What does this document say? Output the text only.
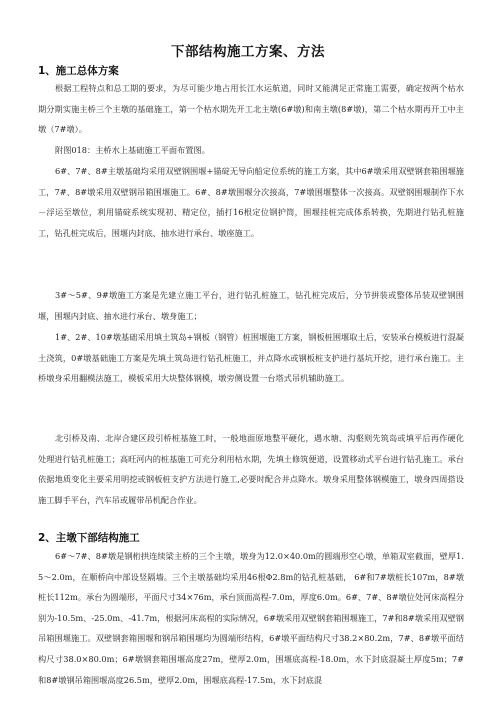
下部结构施工方案、方法
1、施工总体方案
根据工程特点和总工期的要求，为尽可能少地占用长江水运航道，同时又能满足正常施工需要，确定按两个枯水期分期实施主桥三个主墩的基础施工，第一个枯水期先开工北主墩(6#墩)和南主墩(8#墩)，第二个枯水期再开工中主墩（7#墩）。
附图018：主桥水上基础施工平面布置图。
6#、7#、8#主墩基础均采用双壁钢围堰+锚碇无导向船定位系统的施工方案，其中6#墩采用双壁钢套箱围堰施工，7#、8#墩采用双壁钢吊箱围堰施工。6#、8#墩围堰分次接高，7#墩围堰整体一次接高。双壁钢围堰制作下水－浮运至墩位，利用锚碇系统实现初、精定位，插打16根定位钢护筒，围堰挂桩完成体系转换，先期进行钻孔桩施工，钻孔桩完成后，围堰内封底、抽水进行承台、墩座施工。
3#～5#、9#墩施工方案是先建立施工平台，进行钻孔桩施工，钻孔桩完成后，分节拼装或整体吊装双壁钢围堰，围堰内封底、抽水进行承台、墩身施工；
1#、2#、10#墩基础采用填土筑岛+钢板（钢管）桩围堰施工方案，钢板桩围堰取土后，安装承台模板进行混凝土浇筑，0#墩基础施工方案是先填土筑岛进行钻孔桩施工，并点降水或钢板桩支护进行基坑开挖，进行承台施工。主桥墩身采用翻模法施工，模板采用大块整体钢模，墩旁侧设置一台塔式吊机辅助施工。
北引桥及南、北岸合建区段引桥桩基施工时，一般地面原地整平硬化，遇水塘、沟壑则先筑岛或填平后再作硬化处理进行钻孔桩施工；高旺河内的桩基施工可充分利用枯水期，先填土修筑便道，设置移动式平台进行钻孔施工。承台依据地质变化主要采用明挖或钢板桩支护方法进行施工,必要时配合井点降水。墩身采用整体钢模施工，墩身四周搭设施工脚手平台，汽车吊或履带吊机配合作业。
2、主墩下部结构施工
6#～7#、8#墩是钢桁拱连续梁主桥的三个主墩，墩身为12.0×40.0m的圆端形空心墩，单箱双室截面，壁厚1.5～2.0m，在顺桥向中部设竖隔墙。三个主墩基础均采用46根Φ2.8m的钻孔桩基础， 6#和7#墩桩长107m，8#墩桩长112m。承台为圆端形，平面尺寸34×76m，承台顶面高程-7.0m，厚度6.0m。6#、7#、8#墩位处河床高程分别为-10.5m、-25.0m、-41.7m，根据河床高程的实际情况，6#墩采用双壁钢套箱围堰施工，7#和8#墩采用双壁钢吊箱围堰施工。双壁钢套箱围堰和钢吊箱围堰均为圆端形结构，6#墩平面结构尺寸38.2×80.2m，7#、8#墩平面结构尺寸38.0×80.0m；6#墩钢套箱围堰高度27m，壁厚2.0m，围堰底高程-18.0m，水下封底混凝土厚度5m；7#和8#墩钢吊箱围堰高度26.5m，壁厚2.0m，围堰底高程-17.5m，水下封底混
